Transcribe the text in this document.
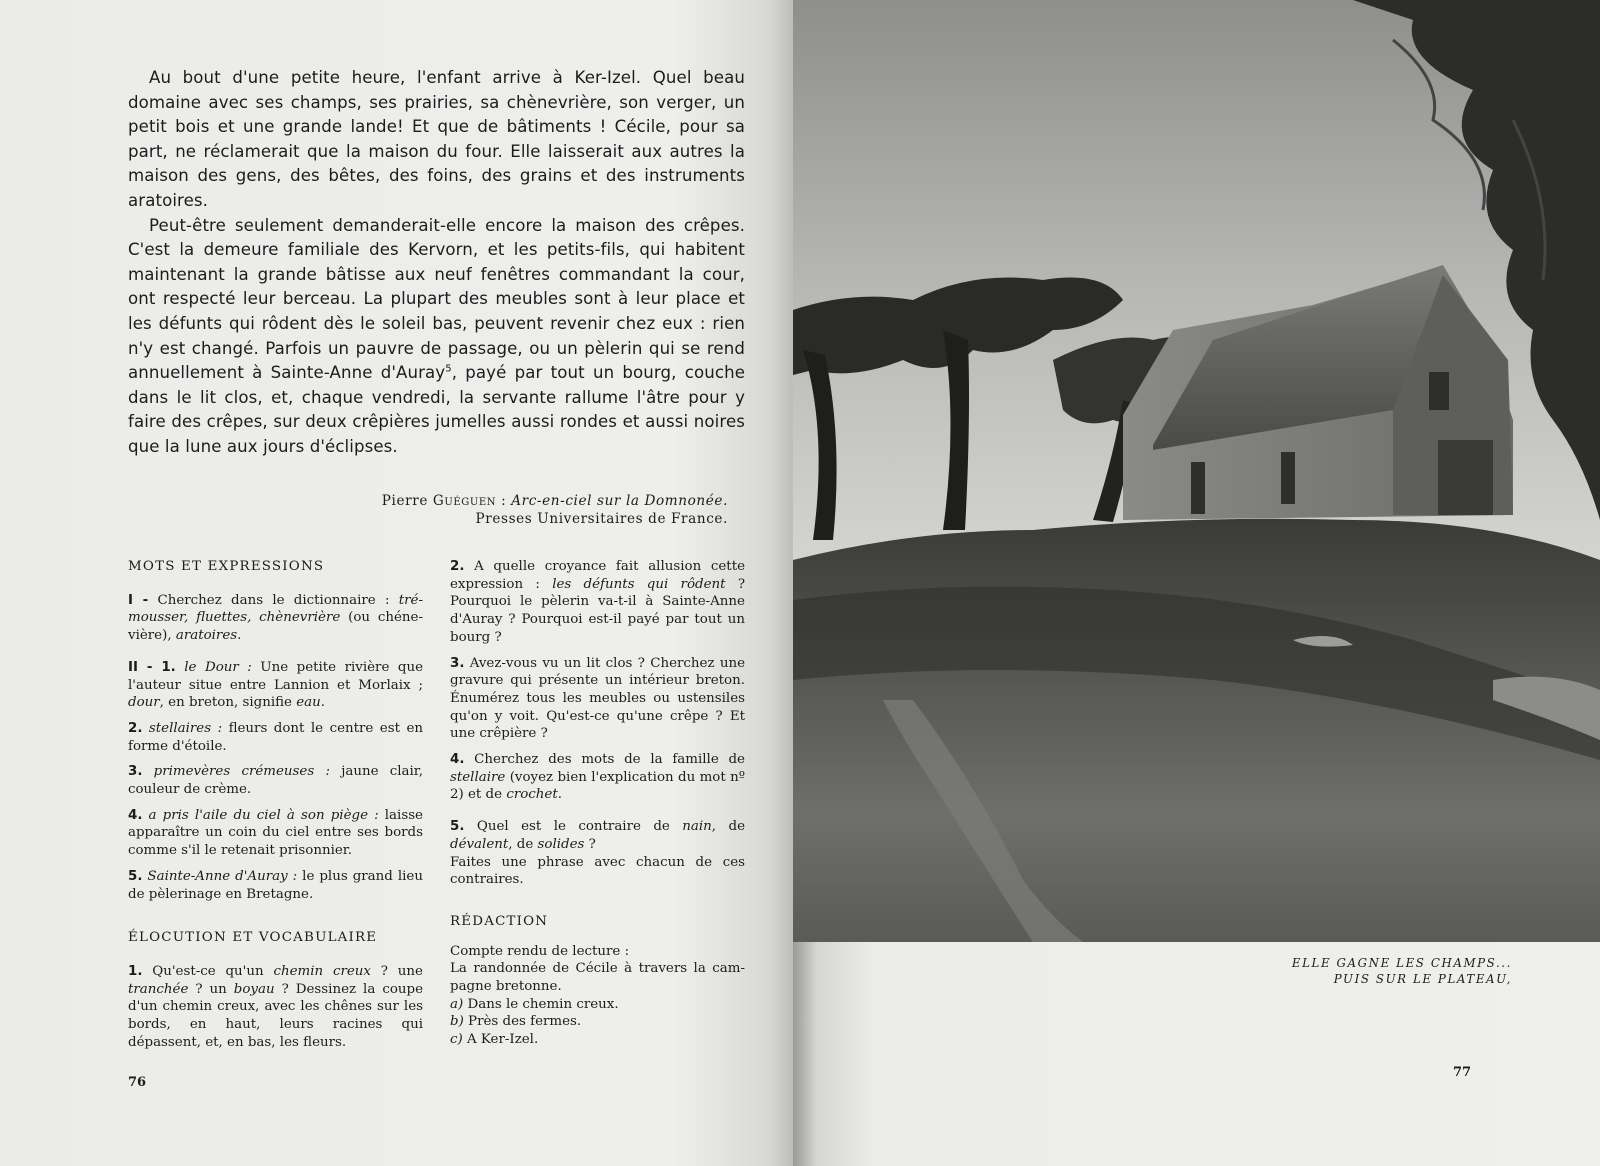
Au bout d'une petite heure, l'enfant arrive à Ker-Izel. Quel beau domaine avec ses champs, ses prairies, sa chènevrière, son verger, un petit bois et une grande lande! Et que de bâtiments ! Cécile, pour sa part, ne réclamerait que la maison du four. Elle laisserait aux autres la maison des gens, des bêtes, des foins, des grains et des instruments aratoires.

Peut-être seulement demanderait-elle encore la maison des crêpes. C'est la demeure familiale des Kervorn, et les petits-fils, qui habitent maintenant la grande bâtisse aux neuf fenêtres commandant la cour, ont respecté leur berceau. La plupart des meubles sont à leur place et les défunts qui rôdent dès le soleil bas, peuvent revenir chez eux : rien n'y est changé. Parfois un pauvre de passage, ou un pèlerin qui se rend annuellement à Sainte-Anne d'Auray$^5$, payé par tout un bourg, couche dans le lit clos, et, chaque vendredi, la servante rallume l'âtre pour y faire des crêpes, sur deux crêpières jumelles aussi rondes et aussi noires que la lune aux jours d'éclipses.

Pierre Guéguen : Arc-en-ciel sur la Domnonée.
Presses Universitaires de France.
MOTS ET EXPRESSIONS
I - Cherchez dans le dictionnaire : trémousser, fluettes, chènevrière (ou chénevière), aratoires.
II - 1. le Dour : Une petite rivière que l'auteur situe entre Lannion et Morlaix ; dour, en breton, signifie eau.
2. stellaires : fleurs dont le centre est en forme d'étoile.
3. primevères crémeuses : jaune clair, couleur de crème.
4. a pris l'aile du ciel à son piège : laisse apparaître un coin du ciel entre ses bords comme s'il le retenait prisonnier.
5. Sainte-Anne d'Auray : le plus grand lieu de pèlerinage en Bretagne.
ÉLOCUTION ET VOCABULAIRE
1. Qu'est-ce qu'un chemin creux ? une tranchée ? un boyau ? Dessinez la coupe d'un chemin creux, avec les chênes sur les bords, en haut, leurs racines qui dépassent, et, en bas, les fleurs.
2. A quelle croyance fait allusion cette expression : les défunts qui rôdent ? Pourquoi le pèlerin va-t-il à Sainte-Anne d'Auray ? Pourquoi est-il payé par tout un bourg ?
3. Avez-vous vu un lit clos ? Cherchez une gravure qui présente un intérieur breton. Énumérez tous les meubles ou ustensiles qu'on y voit. Qu'est-ce qu'une crêpe ? Et une crêpière ?
4. Cherchez des mots de la famille de stellaire (voyez bien l'explication du mot nº 2) et de crochet.
5. Quel est le contraire de nain, de dévalent, de solides ?
Faites une phrase avec chacun de ces contraires.
RÉDACTION
Compte rendu de lecture :
La randonnée de Cécile à travers la campagne bretonne.
a) Dans le chemin creux.
b) Près des fermes.
c) A Ker-Izel.
76
ELLE GAGNE LES CHAMPS...
PUIS SUR LE PLATEAU,
77
